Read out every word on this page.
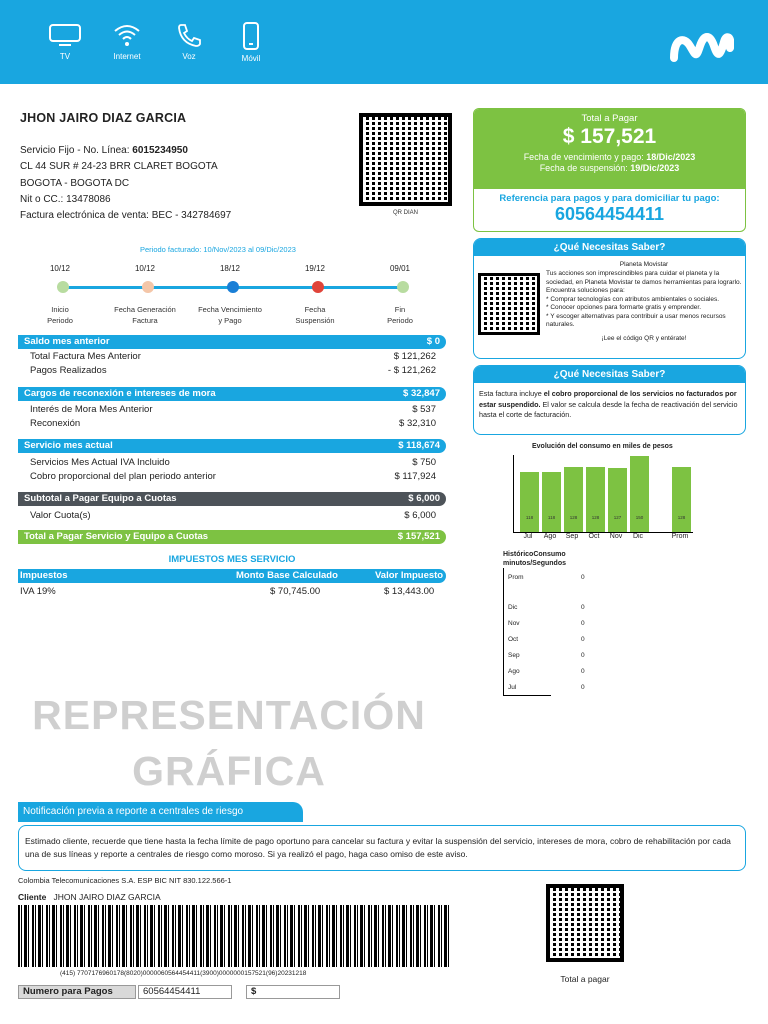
TV	Internet	Voz	Móvil
JHON JAIRO DIAZ GARCIA
Servicio Fijo - No. Línea: 6015234950
CL 44 SUR # 24-23 BRR CLARET BOGOTA
BOGOTA - BOGOTA DC
Nit o CC.: 13478086
Factura electrónica de venta: BEC - 342784697	QR DIAN
Total a Pagar
$ 157,521
Fecha de vencimiento y pago: 18/Dic/2023
Fecha de suspensión: 19/Dic/2023
Referencia para pagos y para domiciliar tu pago:
60564454411
Periodo facturado: 10/Nov/2023 al 09/Dic/2023
10/12	10/12	18/12	19/12	09/01
Inicio
Periodo
Fecha Generación
Factura
Fecha Vencimiento
y Pago
Fecha
Suspensión
Fin
Periodo
Saldo mes anterior	$ 0
Total Factura Mes Anterior	$ 121,262
Pagos Realizados	- $ 121,262
Cargos de reconexión e intereses de mora	$ 32,847
Interés de Mora Mes Anterior	$ 537
Reconexión	$ 32,310
Servicio mes actual	$ 118,674
Servicios Mes Actual IVA Incluido	$ 750
Cobro proporcional del plan periodo anterior	$ 117,924
Subtotal a Pagar Equipo a Cuotas	$ 6,000
Valor Cuota(s)	$ 6,000
Total a Pagar Servicio y Equipo a Cuotas	$ 157,521
IMPUESTOS MES SERVICIO
Impuestos	Monto Base Calculado	Valor Impuesto
IVA 19%	$ 70,745.00	$ 13,443.00
¿Qué Necesitas Saber?
Planeta Movistar
Tus acciones son imprescindibles para cuidar el planeta y la sociedad, en Planeta Movistar te damos herramientas para lograrlo. Encuentra soluciones para:
* Comprar tecnologías con atributos ambientales o sociales.
* Conocer opciones para formarte gratis y emprender.
* Y escoger alternativas para contribuir a usar menos recursos naturales.
¡Lee el código QR y entérate!
¿Qué Necesitas Saber?
Esta factura incluye el cobro proporcional de los servicios no facturados por estar suspendido. El valor se calcula desde la fecha de reactivación del servicio hasta el corte de facturación.
Evolución del consumo en miles de pesos
118	118	128	128	127	150	128
HistóricoConsumo
minutos/Segundos
Prom	0
Dic	0
Nov	0
Oct	0
Sep	0
Ago	0
Jul	0
REPRESENTACIÓN
GRÁFICA
Notificación previa a reporte a centrales de riesgo
Estimado cliente, recuerde que tiene hasta la fecha límite de pago oportuno para cancelar su factura y evitar la suspensión del servicio, intereses de mora, cobro de rehabilitación por cada una de sus líneas y reporte a centrales de riesgo como moroso. Si ya realizó el pago, haga caso omiso de este aviso.
Colombia Telecomunicaciones S.A. ESP BIC NIT 830.122.566-1
Cliente JHON JAIRO DIAZ GARCIA
(415) 7707176960178(8020)0000060564454411(3900)0000000157521(96)20231218
Numero para Pagos	60564454411	$
Total a pagar
Jul	Ago	Sep	Oct	Nov	Dic	Prom
